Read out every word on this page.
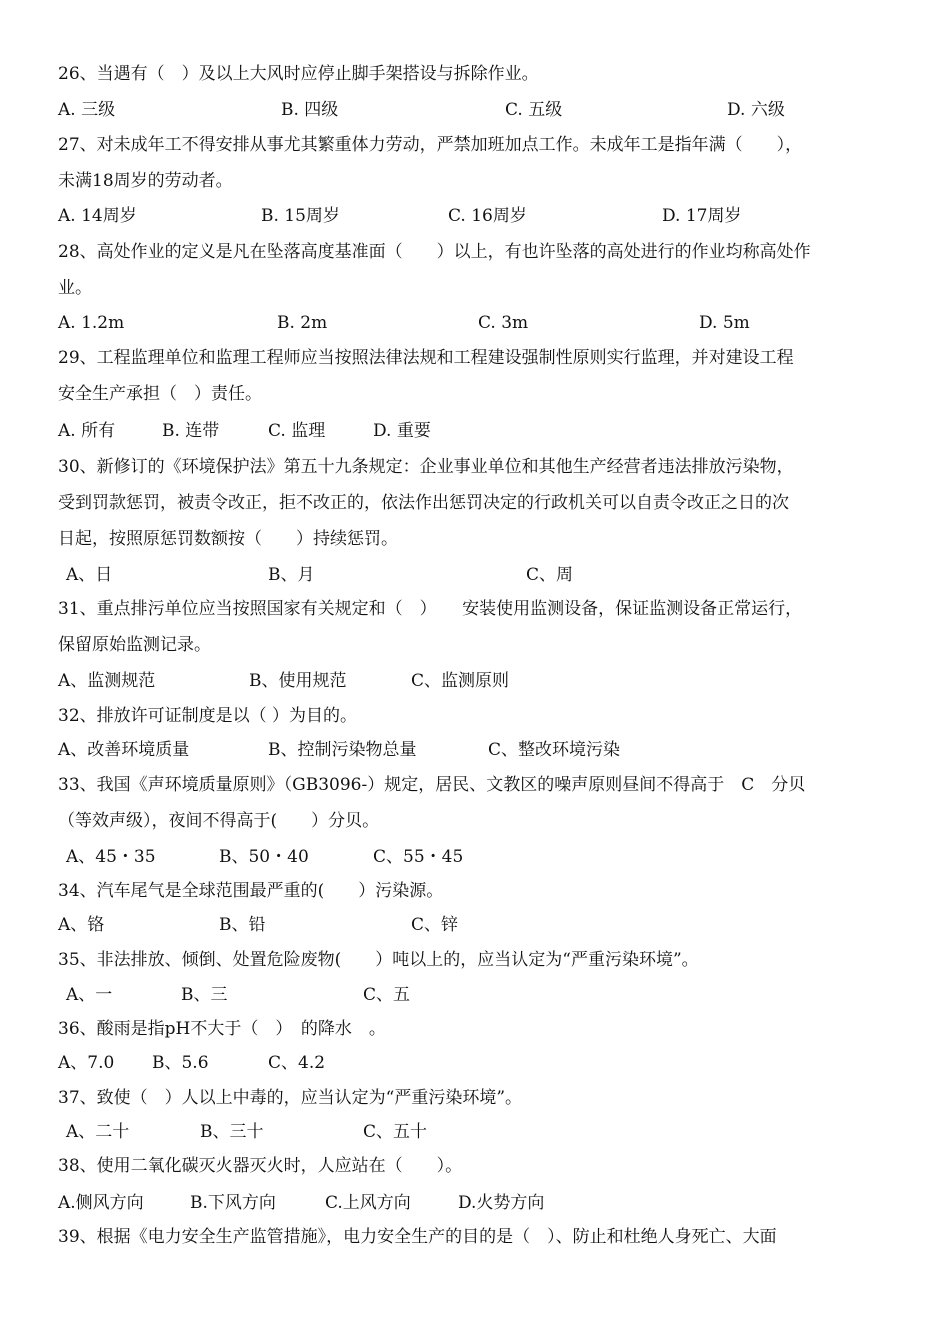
26、当遇有（　）及以上大风时应停止脚手架搭设与拆除作业。
A. 三级	B. 四级	C. 五级	D. 六级
27、对未成年工不得安排从事尤其繁重体力劳动，严禁加班加点工作。未成年工是指年满（　　），
未满18周岁的劳动者。
A. 14周岁	B. 15周岁	C. 16周岁	D. 17周岁
28、高处作业的定义是凡在坠落高度基准面（　　）以上，有也许坠落的高处进行的作业均称高处作
业。
A. 1.2m	B. 2m	C. 3m	D. 5m
29、工程监理单位和监理工程师应当按照法律法规和工程建设强制性原则实行监理，并对建设工程
安全生产承担（　）责任。
A. 所有	B. 连带	C. 监理	D. 重要
30、新修订的《环境保护法》第五十九条规定：企业事业单位和其他生产经营者违法排放污染物，
受到罚款惩罚，被责令改正，拒不改正的，依法作出惩罚决定的行政机关可以自责令改正之日的次
日起，按照原惩罚数额按（　　）持续惩罚。
A、日	B、月	C、周
31、重点排污单位应当按照国家有关规定和（　）　　安装使用监测设备，保证监测设备正常运行，
保留原始监测记录。
A、监测规范	B、使用规范	C、监测原则
32、排放许可证制度是以（ ）为目的。
A、改善环境质量	B、控制污染物总量	C、整改环境污染
33、我国《声环境质量原则》（GB3096-）规定，居民、文教区的噪声原则昼间不得高于　C　分贝
（等效声级），夜间不得高于(　　）分贝。
A、45・35	B、50・40	C、55・45
34、汽车尾气是全球范围最严重的(　　）污染源。
A、铬	B、铅	C、锌
35、非法排放、倾倒、处置危险废物(　　）吨以上的，应当认定为“严重污染环境”。
A、一	B、三	C、五
36、酸雨是指pH不大于（　）　的降水　。
A、7.0 B、5.6	C、4.2
37、致使（　）人以上中毒的，应当认定为“严重污染环境”。
A、二十	B、三十	C、五十
38、使用二氧化碳灭火器灭火时，人应站在（　　）。
A.侧风方向	B.下风方向	C.上风方向	D.火势方向
39、根据《电力安全生产监管措施》，电力安全生产的目的是（　）、防止和杜绝人身死亡、大面
